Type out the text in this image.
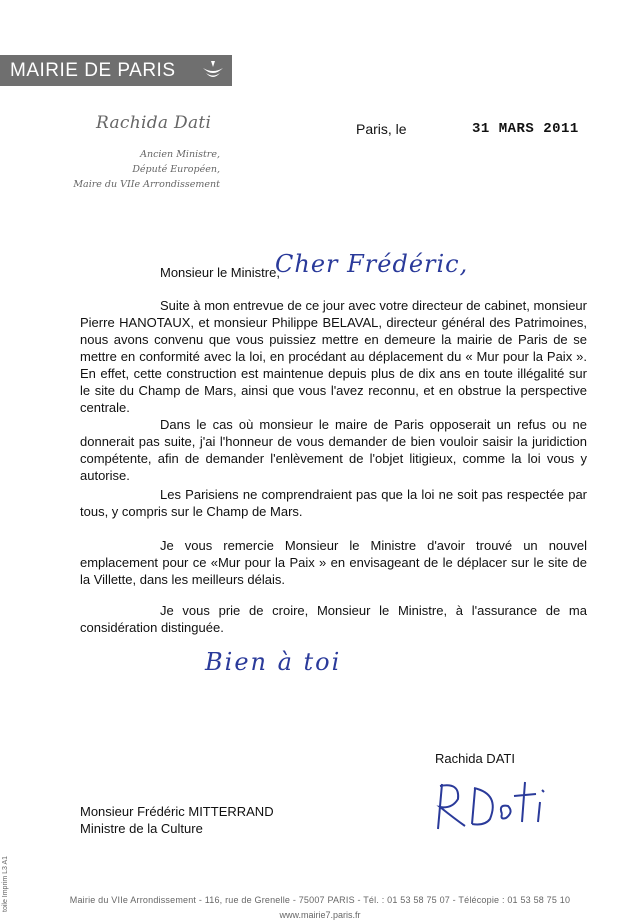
MAIRIE DE PARIS
Rachida Dati
Ancien Ministre,
Député Européen,
Maire du VIIe Arrondissement
Paris, le	31 MARS 2011
Monsieur le Ministre,
Cher Frédéric,
Suite à mon entrevue de ce jour avec votre directeur de cabinet, monsieur Pierre HANOTAUX, et monsieur Philippe BELAVAL, directeur général des Patrimoines, nous avons convenu que vous puissiez mettre en demeure la mairie de Paris de se mettre en conformité avec la loi, en procédant au déplacement du « Mur pour la Paix ». En effet, cette construction est maintenue depuis plus de dix ans en toute illégalité sur le site du Champ de Mars, ainsi que vous l'avez reconnu, et en obstrue la perspective centrale.
Dans le cas où monsieur le maire de Paris opposerait un refus ou ne donnerait pas suite, j'ai l'honneur de vous demander de bien vouloir saisir la juridiction compétente, afin de demander l'enlèvement de l'objet litigieux, comme la loi vous y autorise.
Les Parisiens ne comprendraient pas que la loi ne soit pas respectée par tous, y compris sur le Champ de Mars.
Je vous remercie Monsieur le Ministre d'avoir trouvé un nouvel emplacement pour ce «Mur pour la Paix » en envisageant de le déplacer sur le site de la Villette, dans les meilleurs délais.
Je vous prie de croire, Monsieur le Ministre, à l'assurance de ma considération distinguée.
Bien à toi
Rachida DATI
Monsieur Frédéric MITTERRAND
Ministre de la Culture
toile Imprim L3 A1	Mairie du VIIe Arrondissement - 116, rue de Grenelle - 75007 PARIS - Tél. : 01 53 58 75 07 - Télécopie : 01 53 58 75 10
www.mairie7.paris.fr
